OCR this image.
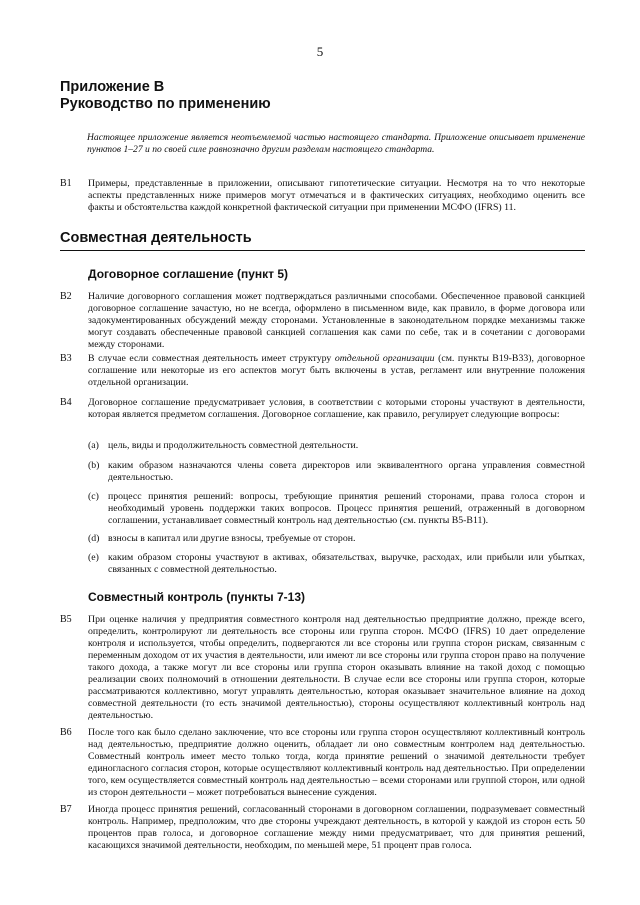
5
Приложение B
Руководство по применению
Настоящее приложение является неотъемлемой частью настоящего стандарта. Приложение описывает применение пунктов 1–27 и по своей силе равнозначно другим разделам настоящего стандарта.
B1 Примеры, представленные в приложении, описывают гипотетические ситуации. Несмотря на то что некоторые аспекты представленных ниже примеров могут отмечаться и в фактических ситуациях, необходимо оценить все факты и обстоятельства каждой конкретной фактической ситуации при применении МСФО (IFRS) 11.
Совместная деятельность
Договорное соглашение (пункт 5)
B2 Наличие договорного соглашения может подтверждаться различными способами. Обеспеченное правовой санкцией договорное соглашение зачастую, но не всегда, оформлено в письменном виде, как правило, в форме договора или задокументированных обсуждений между сторонами. Установленные в законодательном порядке механизмы также могут создавать обеспеченные правовой санкцией соглашения как сами по себе, так и в сочетании с договорами между сторонами.
B3 В случае если совместная деятельность имеет структуру отдельной организации (см. пункты B19-B33), договорное соглашение или некоторые из его аспектов могут быть включены в устав, регламент или внутренние положения отдельной организации.
B4 Договорное соглашение предусматривает условия, в соответствии с которыми стороны участвуют в деятельности, которая является предметом соглашения. Договорное соглашение, как правило, регулирует следующие вопросы:
(a) цель, виды и продолжительность совместной деятельности.
(b) каким образом назначаются члены совета директоров или эквивалентного органа управления совместной деятельностью.
(c) процесс принятия решений: вопросы, требующие принятия решений сторонами, права голоса сторон и необходимый уровень поддержки таких вопросов. Процесс принятия решений, отраженный в договорном соглашении, устанавливает совместный контроль над деятельностью (см. пункты B5-B11).
(d) взносы в капитал или другие взносы, требуемые от сторон.
(e) каким образом стороны участвуют в активах, обязательствах, выручке, расходах, или прибыли или убытках, связанных с совместной деятельностью.
Совместный контроль (пункты 7-13)
B5 При оценке наличия у предприятия совместного контроля над деятельностью предприятие должно, прежде всего, определить, контролируют ли деятельность все стороны или группа сторон. МСФО (IFRS) 10 дает определение контроля и используется, чтобы определить, подвергаются ли все стороны или группа сторон рискам, связанным с переменным доходом от их участия в деятельности, или имеют ли все стороны или группа сторон право на получение такого дохода, а также могут ли все стороны или группа сторон оказывать влияние на такой доход с помощью реализации своих полномочий в отношении деятельности. В случае если все стороны или группа сторон, которые рассматриваются коллективно, могут управлять деятельностью, которая оказывает значительное влияние на доход совместной деятельности (то есть значимой деятельностью), стороны осуществляют коллективный контроль над деятельностью.
B6 После того как было сделано заключение, что все стороны или группа сторон осуществляют коллективный контроль над деятельностью, предприятие должно оценить, обладает ли оно совместным контролем над деятельностью. Совместный контроль имеет место только тогда, когда принятие решений о значимой деятельности требует единогласного согласия сторон, которые осуществляют коллективный контроль над деятельностью. При определении того, кем осуществляется совместный контроль над деятельностью – всеми сторонами или группой сторон, или одной из сторон деятельности – может потребоваться вынесение суждения.
B7 Иногда процесс принятия решений, согласованный сторонами в договорном соглашении, подразумевает совместный контроль. Например, предположим, что две стороны учреждают деятельность, в которой у каждой из сторон есть 50 процентов прав голоса, и договорное соглашение между ними предусматривает, что для принятия решений, касающихся значимой деятельности, необходим, по меньшей мере, 51 процент прав голоса.
